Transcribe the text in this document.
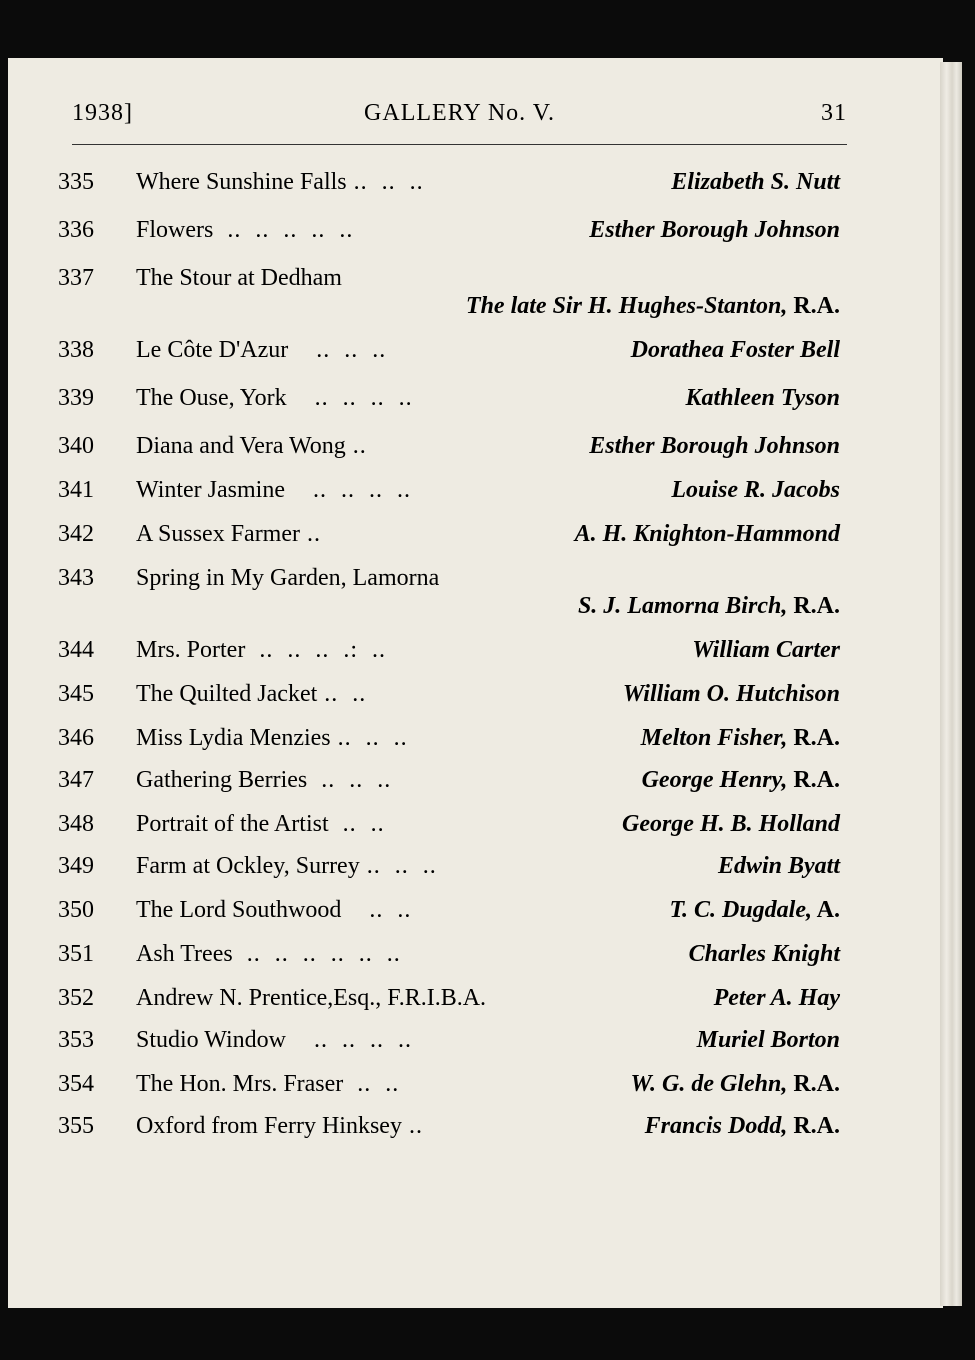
1938]	GALLERY No. V.	31
335 Where Sunshine Falls ..  ..  ..	Elizabeth S. Nutt
336 Flowers  ..  ..  ..  ..  ..	Esther Borough Johnson
337 The Stour at Dedham
The late Sir H. Hughes-Stanton, R.A.
338 Le Côte D'Azur    ..  ..  ..	Dorathea Foster Bell
339 The Ouse, York    ..  ..  ..  ..	Kathleen Tyson
340 Diana and Vera Wong ..	Esther Borough Johnson
341 Winter Jasmine    ..  ..  ..  ..	Louise R. Jacobs
342 A Sussex Farmer ..	A. H. Knighton-Hammond
343 Spring in My Garden, Lamorna
S. J. Lamorna Birch, R.A.
344 Mrs. Porter  ..  ..  ..  .:  ..	William Carter
345 The Quilted Jacket ..  ..	William O. Hutchison
346 Miss Lydia Menzies ..  ..  ..	Melton Fisher, R.A.
347 Gathering Berries  ..  ..  ..	George Henry, R.A.
348 Portrait of the Artist  ..  ..	George H. B. Holland
349 Farm at Ockley, Surrey ..  ..  ..	Edwin Byatt
350 The Lord Southwood    ..  ..	T. C. Dugdale, A.
351 Ash Trees  ..  ..  ..  ..  ..  ..	Charles Knight
352 Andrew N. Prentice,Esq., F.R.I.B.A.	Peter A. Hay
353 Studio Window    ..  ..  ..  ..	Muriel Borton
354 The Hon. Mrs. Fraser  ..  ..	W. G. de Glehn, R.A.
355 Oxford from Ferry Hinksey ..	Francis Dodd, R.A.
